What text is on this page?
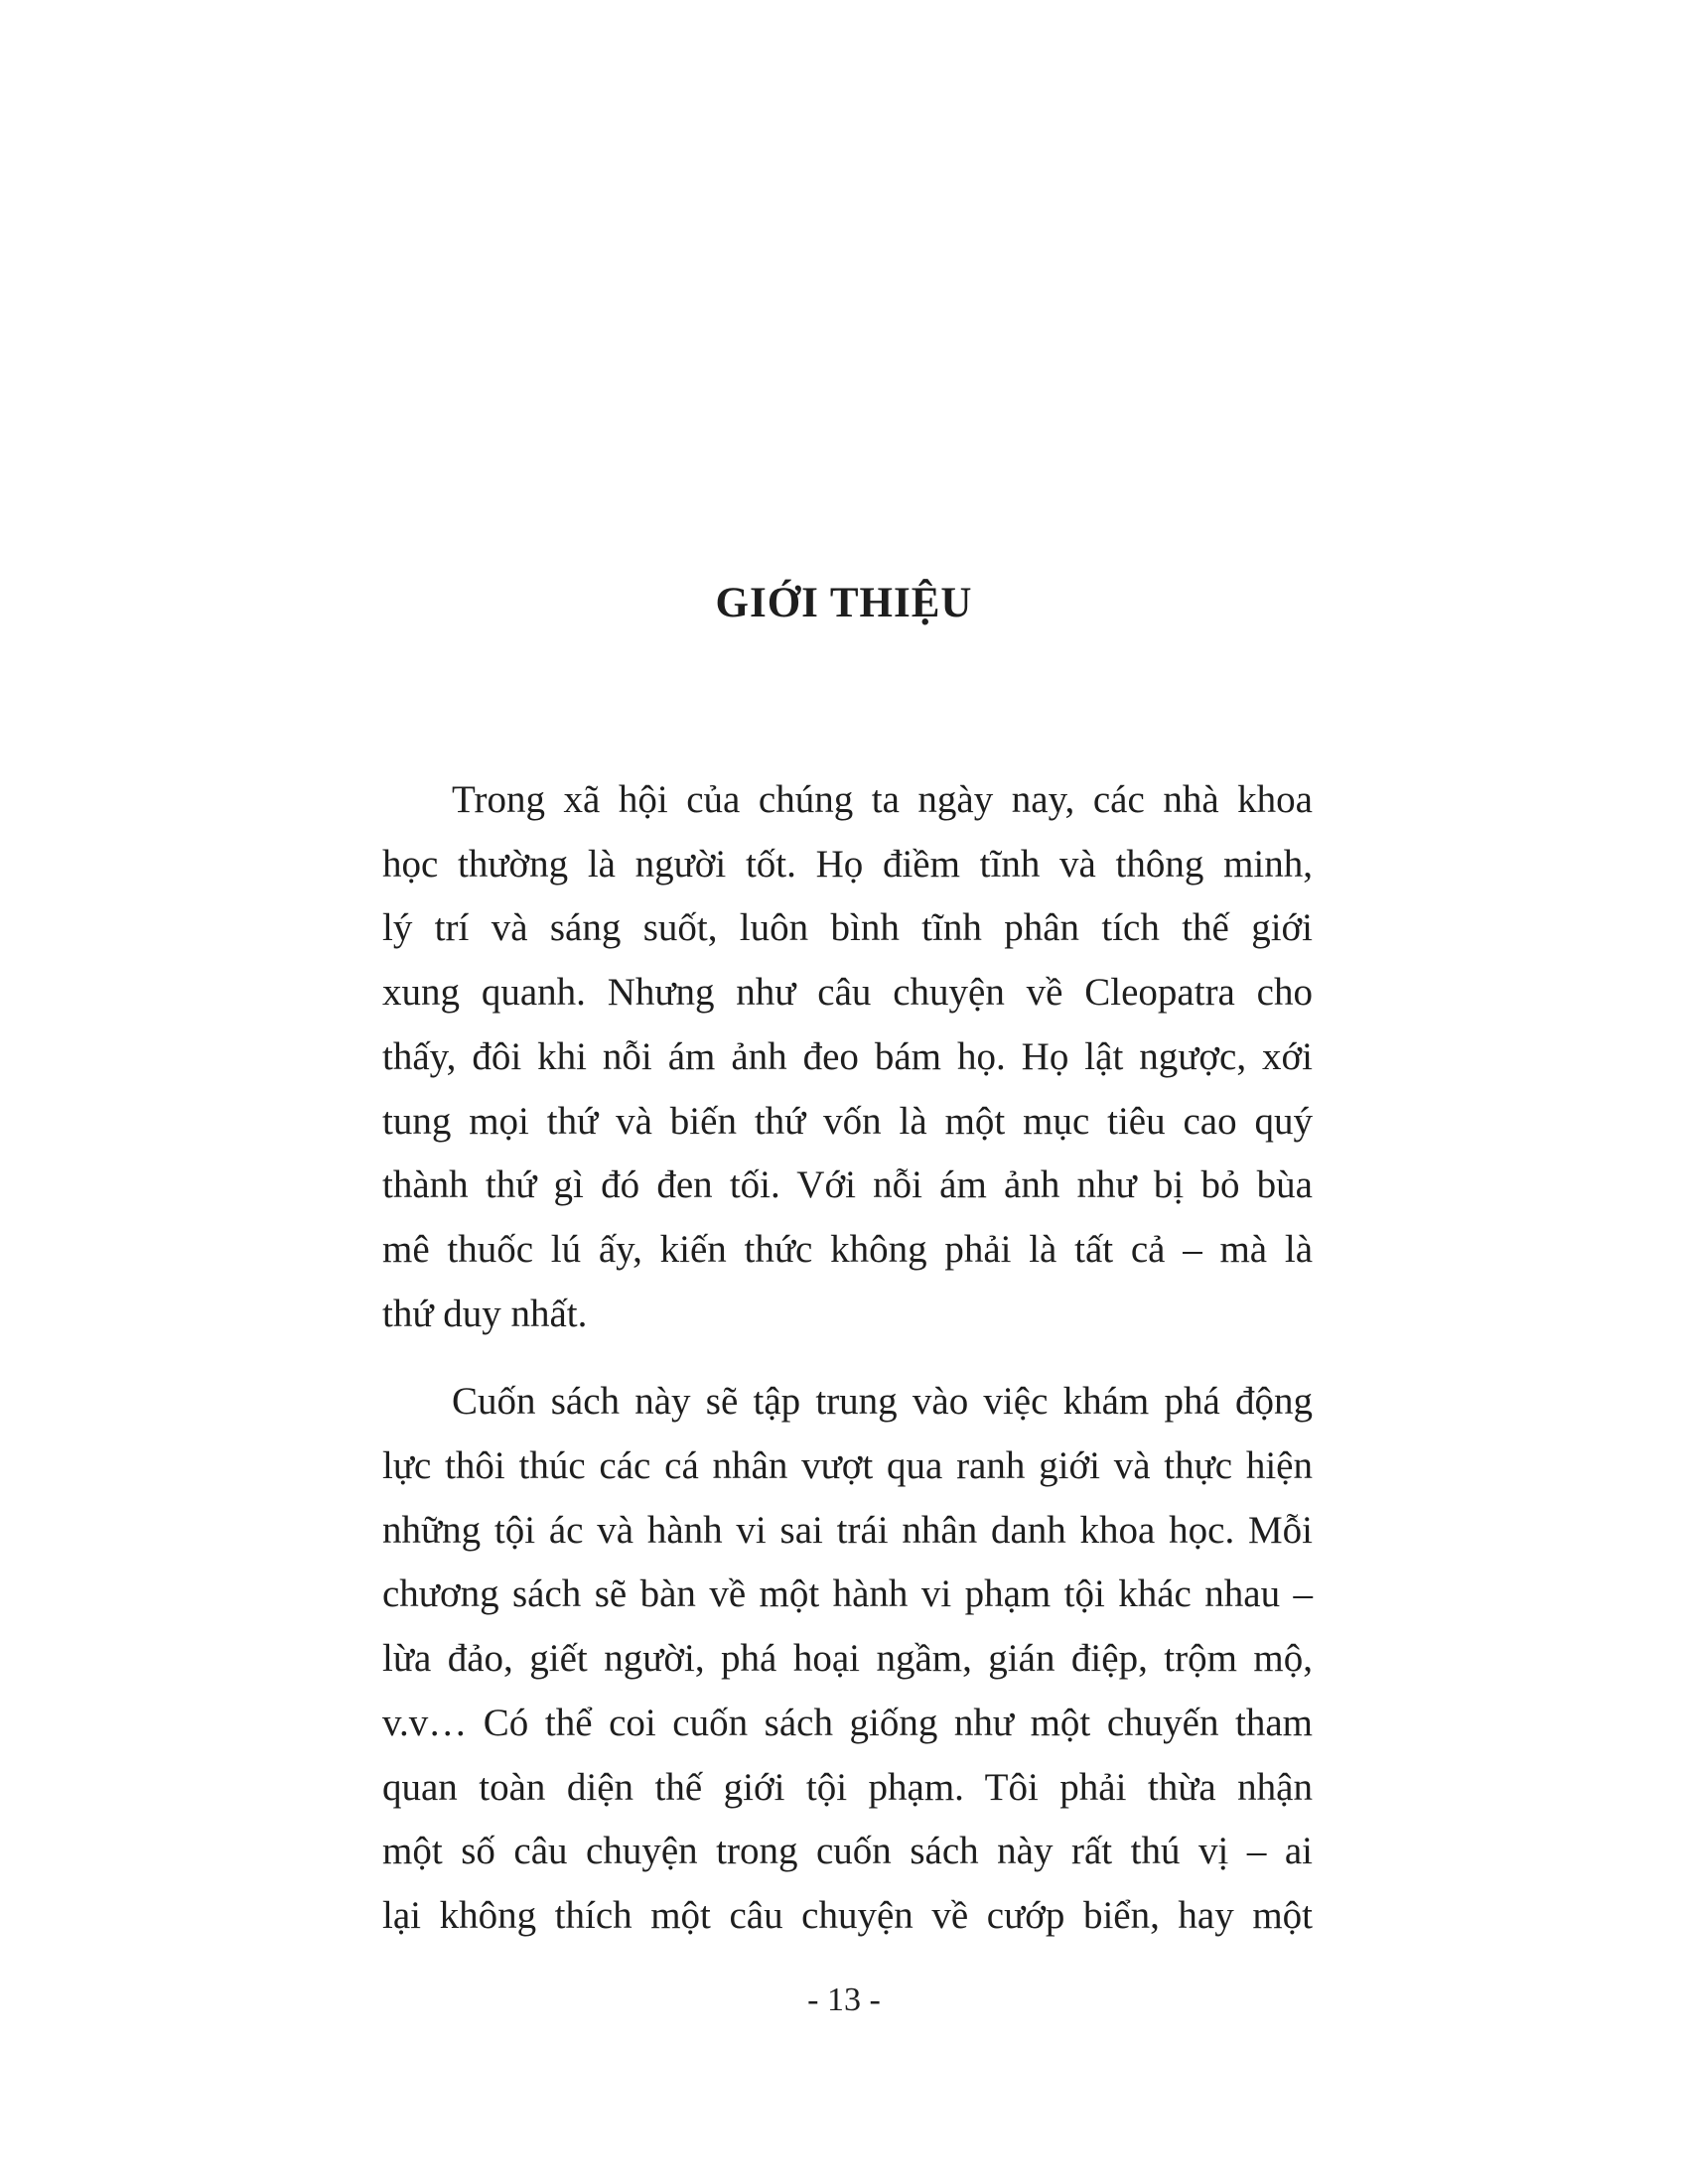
GIỚI THIỆU

Trong xã hội của chúng ta ngày nay, các nhà khoa
học thường là người tốt. Họ điềm tĩnh và thông minh,
lý trí và sáng suốt, luôn bình tĩnh phân tích thế giới
xung quanh. Nhưng như câu chuyện về Cleopatra cho
thấy, đôi khi nỗi ám ảnh đeo bám họ. Họ lật ngược, xới
tung mọi thứ và biến thứ vốn là một mục tiêu cao quý
thành thứ gì đó đen tối. Với nỗi ám ảnh như bị bỏ bùa
mê thuốc lú ấy, kiến thức không phải là tất cả – mà là
thứ duy nhất.

Cuốn sách này sẽ tập trung vào việc khám phá động
lực thôi thúc các cá nhân vượt qua ranh giới và thực hiện
những tội ác và hành vi sai trái nhân danh khoa học. Mỗi
chương sách sẽ bàn về một hành vi phạm tội khác nhau –
lừa đảo, giết người, phá hoại ngầm, gián điệp, trộm mộ,
v.v… Có thể coi cuốn sách giống như một chuyến tham
quan toàn diện thế giới tội phạm. Tôi phải thừa nhận
một số câu chuyện trong cuốn sách này rất thú vị – ai
lại không thích một câu chuyện về cướp biển, hay một

- 13 -
